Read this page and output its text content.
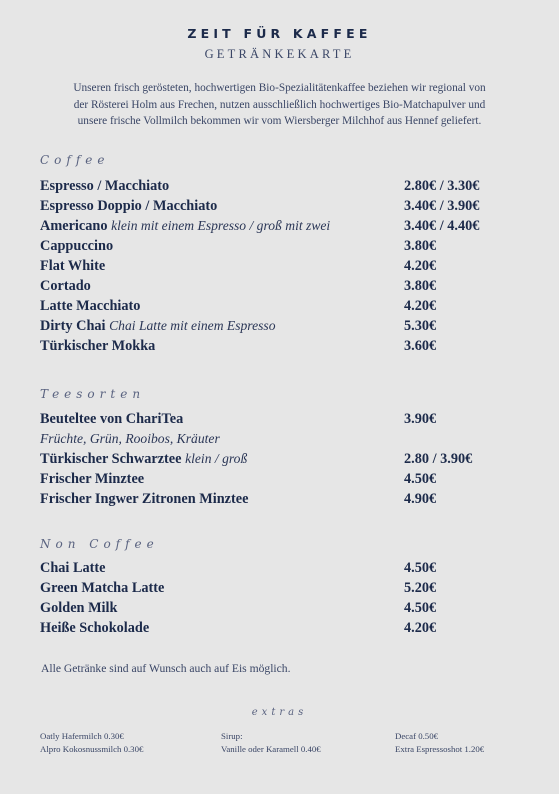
ZEIT FÜR KAFFEE
GETRÄNKEKARTE
Unseren frisch gerösteten, hochwertigen Bio-Spezialitätenkaffee beziehen wir regional von
der Rösterei Holm aus Frechen, nutzen ausschließlich hochwertiges Bio-Matchapulver und
unsere frische Vollmilch bekommen wir vom Wiersberger Milchhof aus Hennef geliefert.
Coffee
Espresso / Macchiato	2.80€ / 3.30€
Espresso Doppio / Macchiato	3.40€ / 3.90€
Americano klein mit einem Espresso / groß mit zwei	3.40€ / 4.40€
Cappuccino	3.80€
Flat White	4.20€
Cortado	3.80€
Latte Macchiato	4.20€
Dirty Chai Chai Latte mit einem Espresso	5.30€
Türkischer Mokka	3.60€
Teesorten
Beuteltee von ChariTea	3.90€
Früchte, Grün, Rooibos, Kräuter
Türkischer Schwarztee klein / groß	2.80 / 3.90€
Frischer Minztee	4.50€
Frischer Ingwer Zitronen Minztee	4.90€
Non Coffee
Chai Latte	4.50€
Green Matcha Latte	5.20€
Golden Milk	4.50€
Heiße Schokolade	4.20€
Alle Getränke sind auf Wunsch auch auf Eis möglich.
extras
Oatly Hafermilch 0.30€
Alpro Kokosnussmilch 0.30€
Sirup:
Vanille oder Karamell 0.40€
Decaf 0.50€
Extra Espressoshot 1.20€
